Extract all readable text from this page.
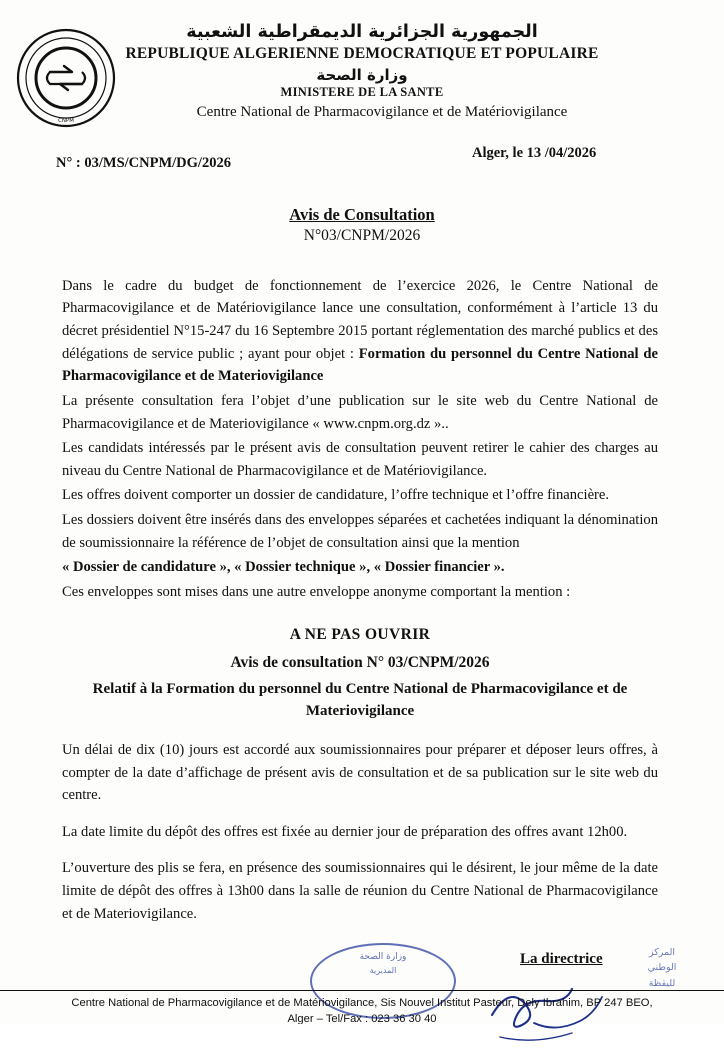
CNPM
الجمهورية الجزائرية الديمقراطية الشعبية
REPUBLIQUE ALGERIENNE DEMOCRATIQUE ET POPULAIRE
وزارة الصحة
MINISTERE DE LA SANTE
Centre National de Pharmacovigilance et de Matériovigilance
N° : 03/MS/CNPM/DG/2026
Alger, le 13 /04/2026
Avis de Consultation
N°03/CNPM/2026

Dans le cadre du budget de fonctionnement de l’exercice 2026, le Centre National de Pharmacovigilance et de Matériovigilance lance une consultation, conformément à l’article 13 du décret présidentiel N°15-247 du 16 Septembre 2015 portant réglementation des marché publics et des délégations de service public ; ayant pour objet : Formation du personnel du Centre National de Pharmacovigilance et de Materiovigilance

La présente consultation fera l’objet d’une publication sur le site web du Centre National de Pharmacovigilance et de Materiovigilance « www.cnpm.org.dz »..

Les candidats intéressés par le présent avis de consultation peuvent retirer le cahier des charges au niveau du Centre National de Pharmacovigilance et de Matériovigilance.

Les offres doivent comporter un dossier de candidature, l’offre technique et l’offre financière.

Les dossiers doivent être insérés dans des enveloppes séparées et cachetées indiquant la dénomination de soumissionnaire la référence de l’objet de consultation ainsi que la mention

« Dossier de candidature », « Dossier technique », « Dossier financier ».

Ces enveloppes sont mises dans une autre enveloppe anonyme comportant la mention :

A NE PAS OUVRIR
Avis de consultation N° 03/CNPM/2026
Relatif à la Formation du personnel du Centre National de Pharmacovigilance et de Materiovigilance

Un délai de dix (10) jours est accordé aux soumissionnaires pour préparer et déposer leurs offres, à compter de la date d’affichage de présent avis de consultation et de sa publication sur le site web du centre.

La date limite du dépôt des offres est fixée au dernier jour de préparation des offres avant 12h00.

L’ouverture des plis se fera, en présence des soumissionnaires qui le désirent, le jour même de la date limite de dépôt des offres à 13h00 dans la salle de réunion du Centre National de Pharmacovigilance et de Materiovigilance.

وزارة الصحة
المديرية
المركز
الوطني
لليقظة
La directrice
Centre National de Pharmacovigilance et de Matériovigilance, Sis Nouvel Institut Pasteur, Dely Ibrahim, BP 247 BEO,
Alger – Tel/Fax : 023 36 30 40
